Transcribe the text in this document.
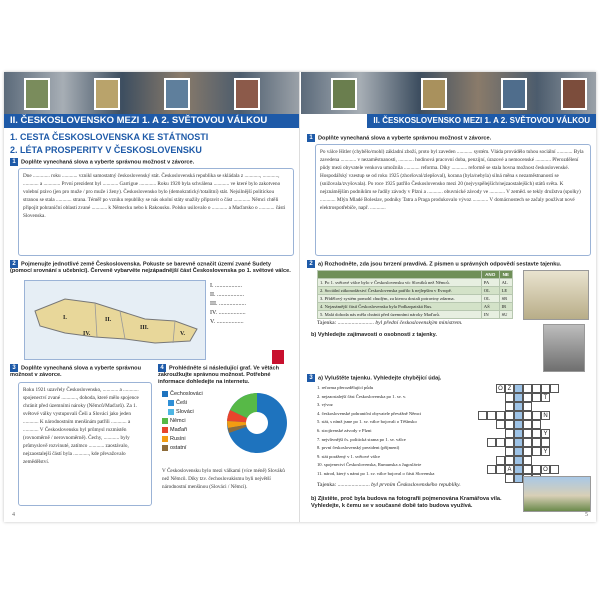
II. ČESKOSLOVENSKO MEZI 1. A 2. SVĚTOVOU VÁLKOU
1. CESTA ČESKOSLOVENSKA KE STÁTNOSTI
2. LÉTA PROSPERITY V ČESKOSLOVENSKU
1 Doplňte vynechaná slova a vyberte správnou možnost v závorce.
Dne ............. roku ............ vznikl samostatný československý stát. Československá republika se skládala z ............, ............, ............ a ............. První prezident byl ............ Garrigue ............. Roku 1920 byla schválena ............ ve které bylo zakotveno volební právo (jen pro muže / pro muže i ženy). Československo bylo (demokratický/totalitní) stát. Nejsilnější politickou stranou se stala ............ strana. Téměř po vzniku republiky se nás okolní státy snažily připravit o část ............. Němci chtěli připojit pohraniční oblasti zvané ............ k Německu nebo k Rakousku. Polsko usilovalo o ............ a Maďarsko o ............ části Slovenska.
2 Pojmenujte jednotlivé země Československa. Pokuste se barevně označit území zvané Sudety (pomocí srovnání s učebnicí). Červeně vybarvěte nejzápadnější část Československa po 1. světové válce.
I.	II.
III.
IV.	V.
I. ..................
II. ..................
III. ..................
IV. ..................
V. ..................
3 Doplňte vynechaná slova a vyberte správnou možnost v závorce.
Roku 1921 uzavřely Československo, ............ a ............ spojenectví zvané ............, dohoda, které mělo spojence chránit před územními nároky (Němců/Maďarů). Za 1. světové války vystupovali Češi a Slováci jako jeden ............ K národnostním menšinám patřili ............ a ............ V Československu byl průmysl rozmístěn (rovnoměrně / nerovnoměrně). Čechy, ............ byly průmyslově rozvinuté, zatímco ............ zaostávalo, nejzaostalejší částí byla ............, kde převažovalo zemědělství.
4 Prohlédněte si následující graf. Ve větách zakroužkujte správnou možnost. Potřebné informace dohledejte na internetu.
Čechoslováci
Češi
Slováci
Němci
Maďaři
Rusíni
ostatní
V Československu bylo mezi válkami (více méně) Slováků než Němců. Díky tzv. čechoslovakismu byli největší národnostní menšinou (Slováci / Němci).
4
II. ČESKOSLOVENSKO MEZI 1. A 2. SVĚTOVOU VÁLKOU
1 Doplňte vynechaná slova a vyberte správnou možnost v závorce.
Po válce Hitler (chybělo/mohl) základní zboží, proto byl zaveden ............ systém. Vláda provádělo tuhou sociální ............ Byla zavedena ............ v nezaměstnanosti, ............ hodinová pracovní doba, penzijní, úrazové a nemocenské ............ Přerozdělení půdy mezi obyvatele venkova umožnila ............ reforma. Díky ............ reformě se stala hovna možnost československé. Hospodářský vzestup se od roku 1925 (zhoršoval/zlepšoval), korana (byla/nebyla) silná měna s nezaměstnaností se (snižovala/zvyšovala). Po roce 1925 patřilo Československo mezi 20 (nejvyspělejších/nejzaostalejších) států světa. K nejznámějším podnikům se řadily závody v Plzni a ............ obuvnické závody ve ............ V zeměd. se tekly družstva (spolky) ............ Mlýn Mladé Boleslav, podniky Tatra a Praga produkovalo vývoz ............ V domácnostech se začaly používat nové elektrospotřebiče, např. ............
2 a) Rozhodněte, zda jsou tvrzení pravdivá. Z písmen u správných odpovědí sestavte tajenku.
	ANO	NE
1. Po 1. světové válce bylo v Československu víc Slováků než Němců.	PA	AL
2. Sociální zákonodárství Československa patřilo k nejlepším v Evropě.	OL	LE
3. Přídělový systém pomohl chudým, za kterou dostali potraviny zdarma.	OL	SR
4. Nejznámější částí Československa byla Podkarpatská Rus.	AŠ	IR
5. Malá dohoda nás měla chránit před územními nároky Maďarů.	IN	SU
Tajenka: .......................... byl přední československým ministrem.
b) Vyhledejte zajímavosti o osobnosti z tajenky.
3 a) Vyluštěte tajenku. Vyhledejte chybějící údaj.
1. reforma přerozdělující půdu
2. nejzaostalejší část Československa po 1. sv. v.
3. vývoz
4. československé pohraniční obyvatele převážně Němci
5. stát, s nímž jsme po 1. sv. válce bojovali o Těšínsko
6. strojírenské závody v Plzni
7. nejvlivnější čs. politická strana po 1. sv. válce
8. první československý prezident (příjmení)
9. stát porážený v 1. světové válce
10. spojenectví Československa, Rumunska a Jugoslávie
11. národ, který s námi po 1. sv. válce bojoval o části Slovenska
O Z
T
N
Y
Y
A	O
Tajenka: ....................... byl prvním Československého republiky.
b) Zjistěte, proč byla budova na fotografii pojmenována Kramářova vila. Vyhledejte, k čemu se v současné době tato budova využívá.
5
